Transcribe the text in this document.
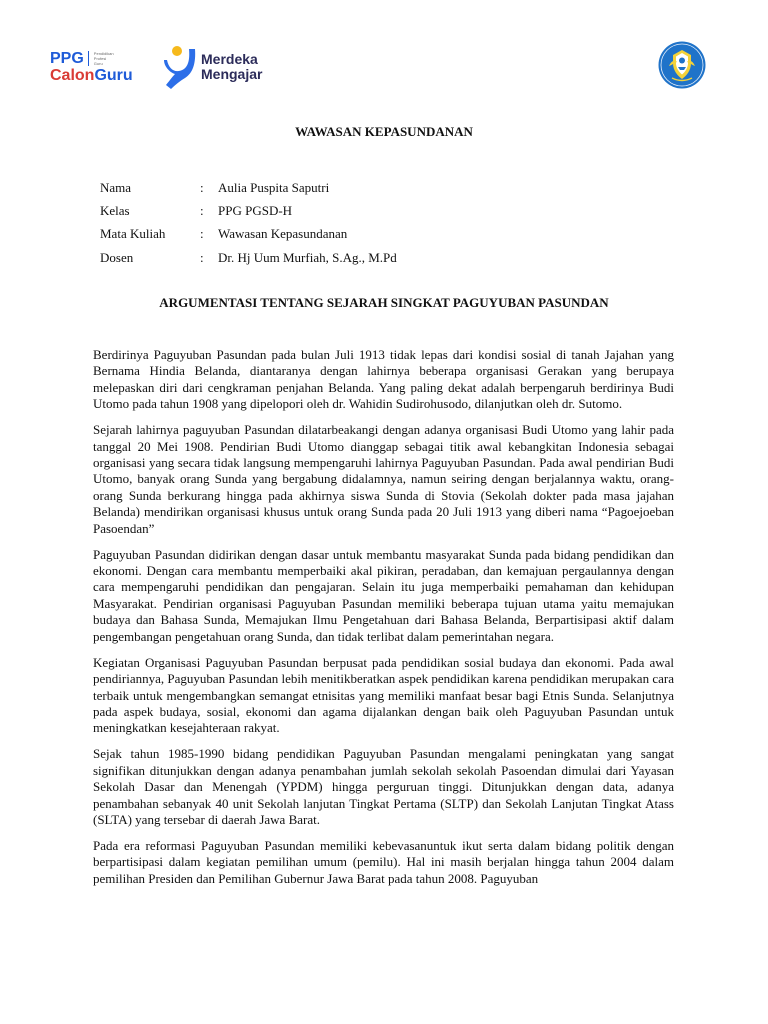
PPG	Pendidikan
Profesi
Guru
CalonGuru
Merdeka
Mengajar
WAWASAN KEPASUNDANAN
Nama	:	Aulia Puspita Saputri
Kelas	:	PPG PGSD-H
Mata Kuliah	:	Wawasan Kepasundanan
Dosen	:	Dr. Hj Uum Murfiah, S.Ag., M.Pd
ARGUMENTASI TENTANG SEJARAH SINGKAT PAGUYUBAN PASUNDAN

Berdirinya Paguyuban Pasundan pada bulan Juli 1913 tidak lepas dari kondisi sosial di tanah Jajahan yang Bernama Hindia Belanda, diantaranya dengan lahirnya beberapa organisasi Gerakan yang berupaya melepaskan diri dari cengkraman penjahan Belanda. Yang paling dekat adalah berpengaruh berdirinya Budi Utomo pada tahun 1908 yang dipelopori oleh dr. Wahidin Sudirohusodo, dilanjutkan oleh dr. Sutomo.

Sejarah lahirnya paguyuban Pasundan dilatarbeakangi dengan adanya organisasi Budi Utomo yang lahir pada tanggal 20 Mei 1908. Pendirian Budi Utomo dianggap sebagai titik awal kebangkitan Indonesia sebagai organisasi yang secara tidak langsung mempengaruhi lahirnya Paguyuban Pasundan. Pada awal pendirian Budi Utomo, banyak orang Sunda yang bergabung didalamnya, namun seiring dengan berjalannya waktu, orang- orang Sunda berkurang hingga pada akhirnya siswa Sunda di Stovia (Sekolah dokter pada masa jajahan Belanda) mendirikan organisasi khusus untuk orang Sunda pada 20 Juli 1913 yang diberi nama “Pagoejoeban Pasoendan”

Paguyuban Pasundan didirikan dengan dasar untuk membantu masyarakat Sunda pada bidang pendidikan dan ekonomi. Dengan cara membantu memperbaiki akal pikiran, peradaban, dan kemajuan pergaulannya dengan cara mempengaruhi pendidikan dan pengajaran. Selain itu juga memperbaiki pemahaman dan kehidupan Masyarakat. Pendirian organisasi Paguyuban Pasundan memiliki beberapa tujuan utama yaitu memajukan budaya dan Bahasa Sunda, Memajukan Ilmu Pengetahuan dari Bahasa Belanda, Berpartisipasi aktif dalam pengembangan pengetahuan orang Sunda, dan tidak terlibat dalam pemerintahan negara.

Kegiatan Organisasi Paguyuban Pasundan berpusat pada pendidikan sosial budaya dan ekonomi. Pada awal pendiriannya, Paguyuban Pasundan lebih menitikberatkan aspek pendidikan karena pendidikan merupakan cara terbaik untuk mengembangkan semangat etnisitas yang memiliki manfaat besar bagi Etnis Sunda. Selanjutnya pada aspek budaya, sosial, ekonomi dan agama dijalankan dengan baik oleh Paguyuban Pasundan untuk meningkatkan kesejahteraan rakyat.

Sejak tahun 1985-1990 bidang pendidikan Paguyuban Pasundan mengalami peningkatan yang sangat signifikan ditunjukkan dengan adanya penambahan jumlah sekolah sekolah Pasoendan dimulai dari Yayasan Sekolah Dasar dan Menengah (YPDM) hingga perguruan tinggi. Ditunjukkan dengan data, adanya penambahan sebanyak 40 unit Sekolah lanjutan Tingkat Pertama (SLTP) dan Sekolah Lanjutan Tingkat Atass (SLTA) yang tersebar di daerah Jawa Barat.

Pada era reformasi Paguyuban Pasundan memiliki kebevasanuntuk ikut serta dalam bidang politik dengan berpartisipasi dalam kegiatan pemilihan umum (pemilu). Hal ini masih berjalan hingga tahun 2004 dalam pemilihan Presiden dan Pemilihan Gubernur Jawa Barat pada tahun 2008. Paguyuban
